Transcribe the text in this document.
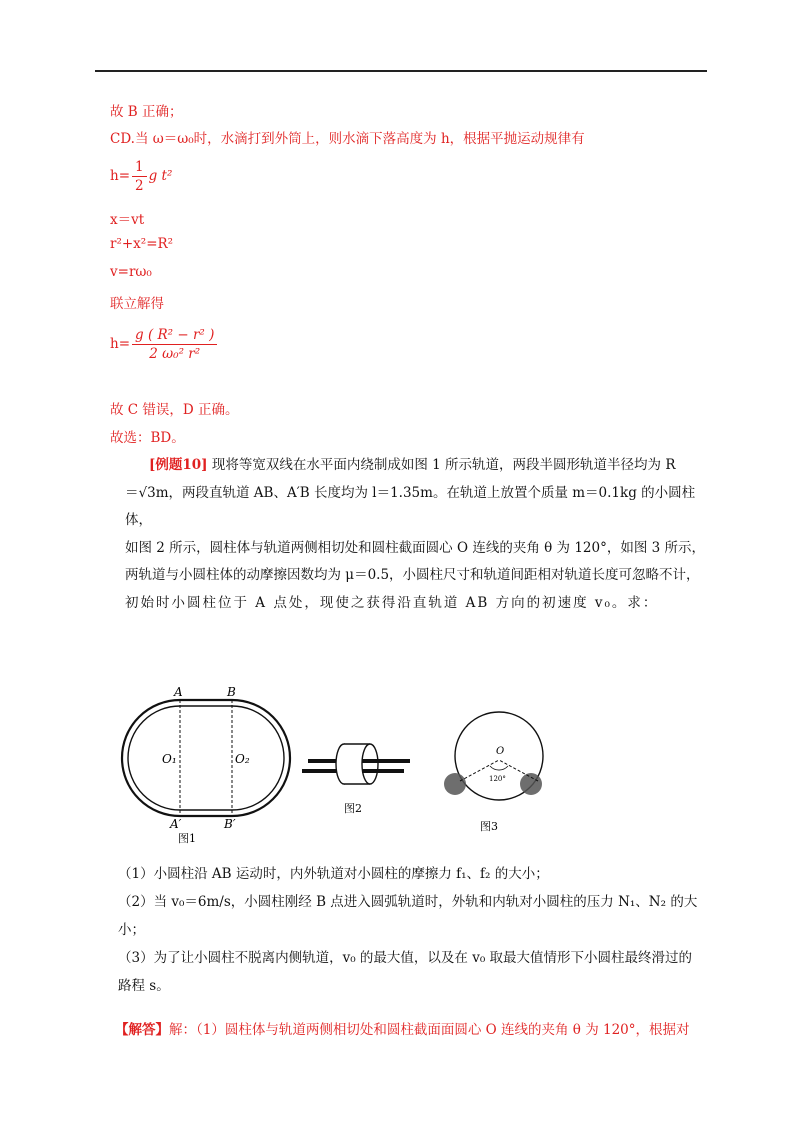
故 B 正确；
CD.当 ω＝ω₀时，水滴打到外筒上，则水滴下落高度为 h，根据平抛运动规律有
$h= \frac{1}{2}$ g t²
x＝vt
r²+x²=R²
v=rω₀
联立解得
$h= \frac{\text{g ( R² − r² )}}{\text{2 ω₀² r²}}$
故 C 错误，D 正确。
故选：BD。
[例题10] 现将等宽双线在水平面内绕制成如图 1 所示轨道，两段半圆形轨道半径均为 R
＝√3m，两段直轨道 AB、A′B 长度均为 l＝1.35m。在轨道上放置个质量 m＝0.1kg 的小圆柱体，
如图 2 所示，圆柱体与轨道两侧相切处和圆柱截面圆心 O 连线的夹角 θ 为 120°，如图 3 所示，
两轨道与小圆柱体的动摩擦因数均为 μ＝0.5，小圆柱尺寸和轨道间距相对轨道长度可忽略不计，
初始时小圆柱位于 A 点处，现使之获得沿直轨道 AB 方向的初速度 v₀。求：
A	B
A′	B′
O₁	O₂
图1
图2
O
120°
图3
（1）小圆柱沿 AB 运动时，内外轨道对小圆柱的摩擦力 f₁、f₂ 的大小；
（2）当 v₀＝6m/s，小圆柱刚经 B 点进入圆弧轨道时，外轨和内轨对小圆柱的压力 N₁、N₂ 的大
小；
（3）为了让小圆柱不脱离内侧轨道，v₀ 的最大值，以及在 v₀ 取最大值情形下小圆柱最终滑过的
路程 s。
【解答】解：（1）圆柱体与轨道两侧相切处和圆柱截面面圆心 O 连线的夹角 θ 为 120°，根据对
